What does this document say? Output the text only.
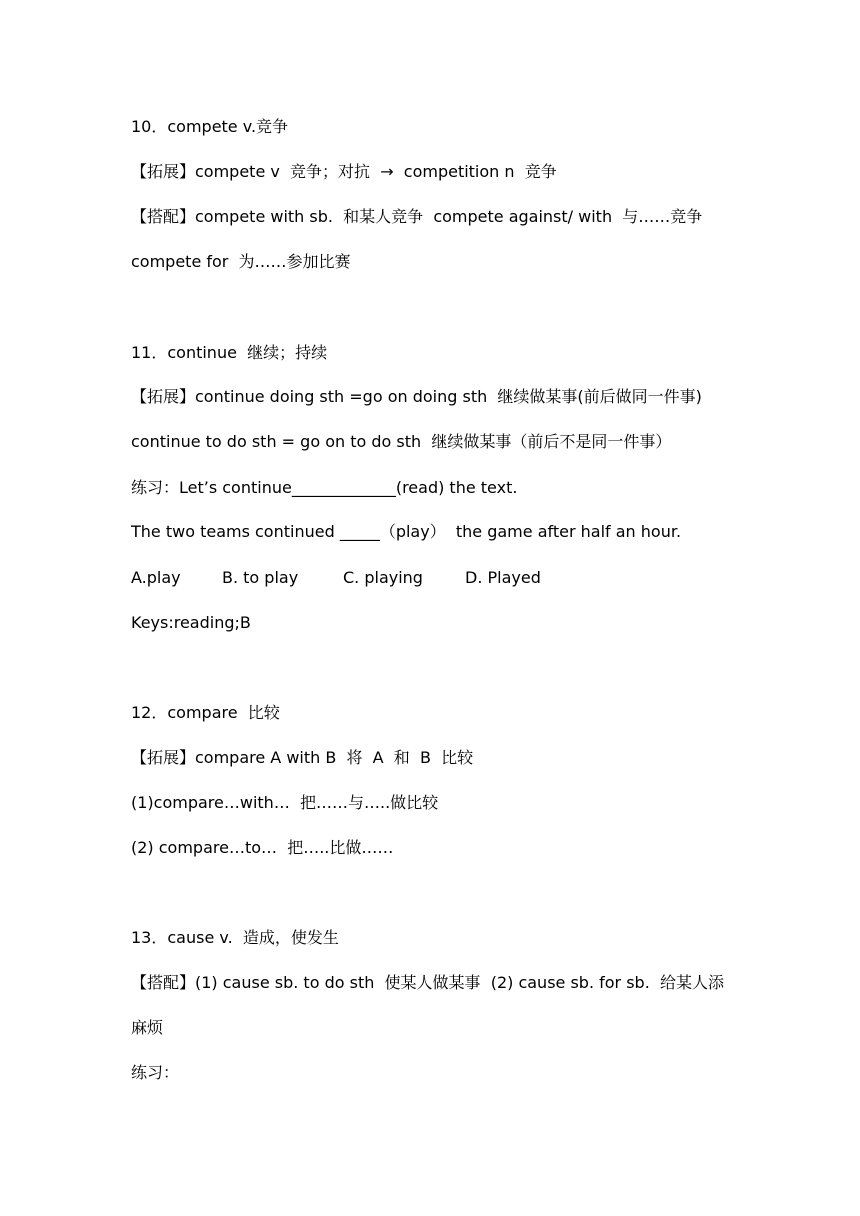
10．compete v.竞争
【拓展】compete v  竞争；对抗  →  competition n  竞争
【搭配】compete with sb.  和某人竞争  compete against/ with  与……竞争
compete for  为……参加比赛
11．continue  继续；持续
【拓展】continue doing sth =go on doing sth  继续做某事(前后做同一件事)
continue to do sth = go on to do sth  继续做某事（前后不是同一件事）
练习：Let’s continue_____________(read) the text.
The two teams continued _____（play）  the game after half an hour.
A.play	B. to play	C. playing	D. Played
Keys:reading;B
12．compare  比较
【拓展】compare A with B  将  A  和  B  比较
(1)compare…with…  把……与…..做比较
(2) compare…to…  把…..比做……
13．cause v.  造成，使发生
【搭配】(1) cause sb. to do sth  使某人做某事  (2) cause sb. for sb.  给某人添
麻烦
练习：
